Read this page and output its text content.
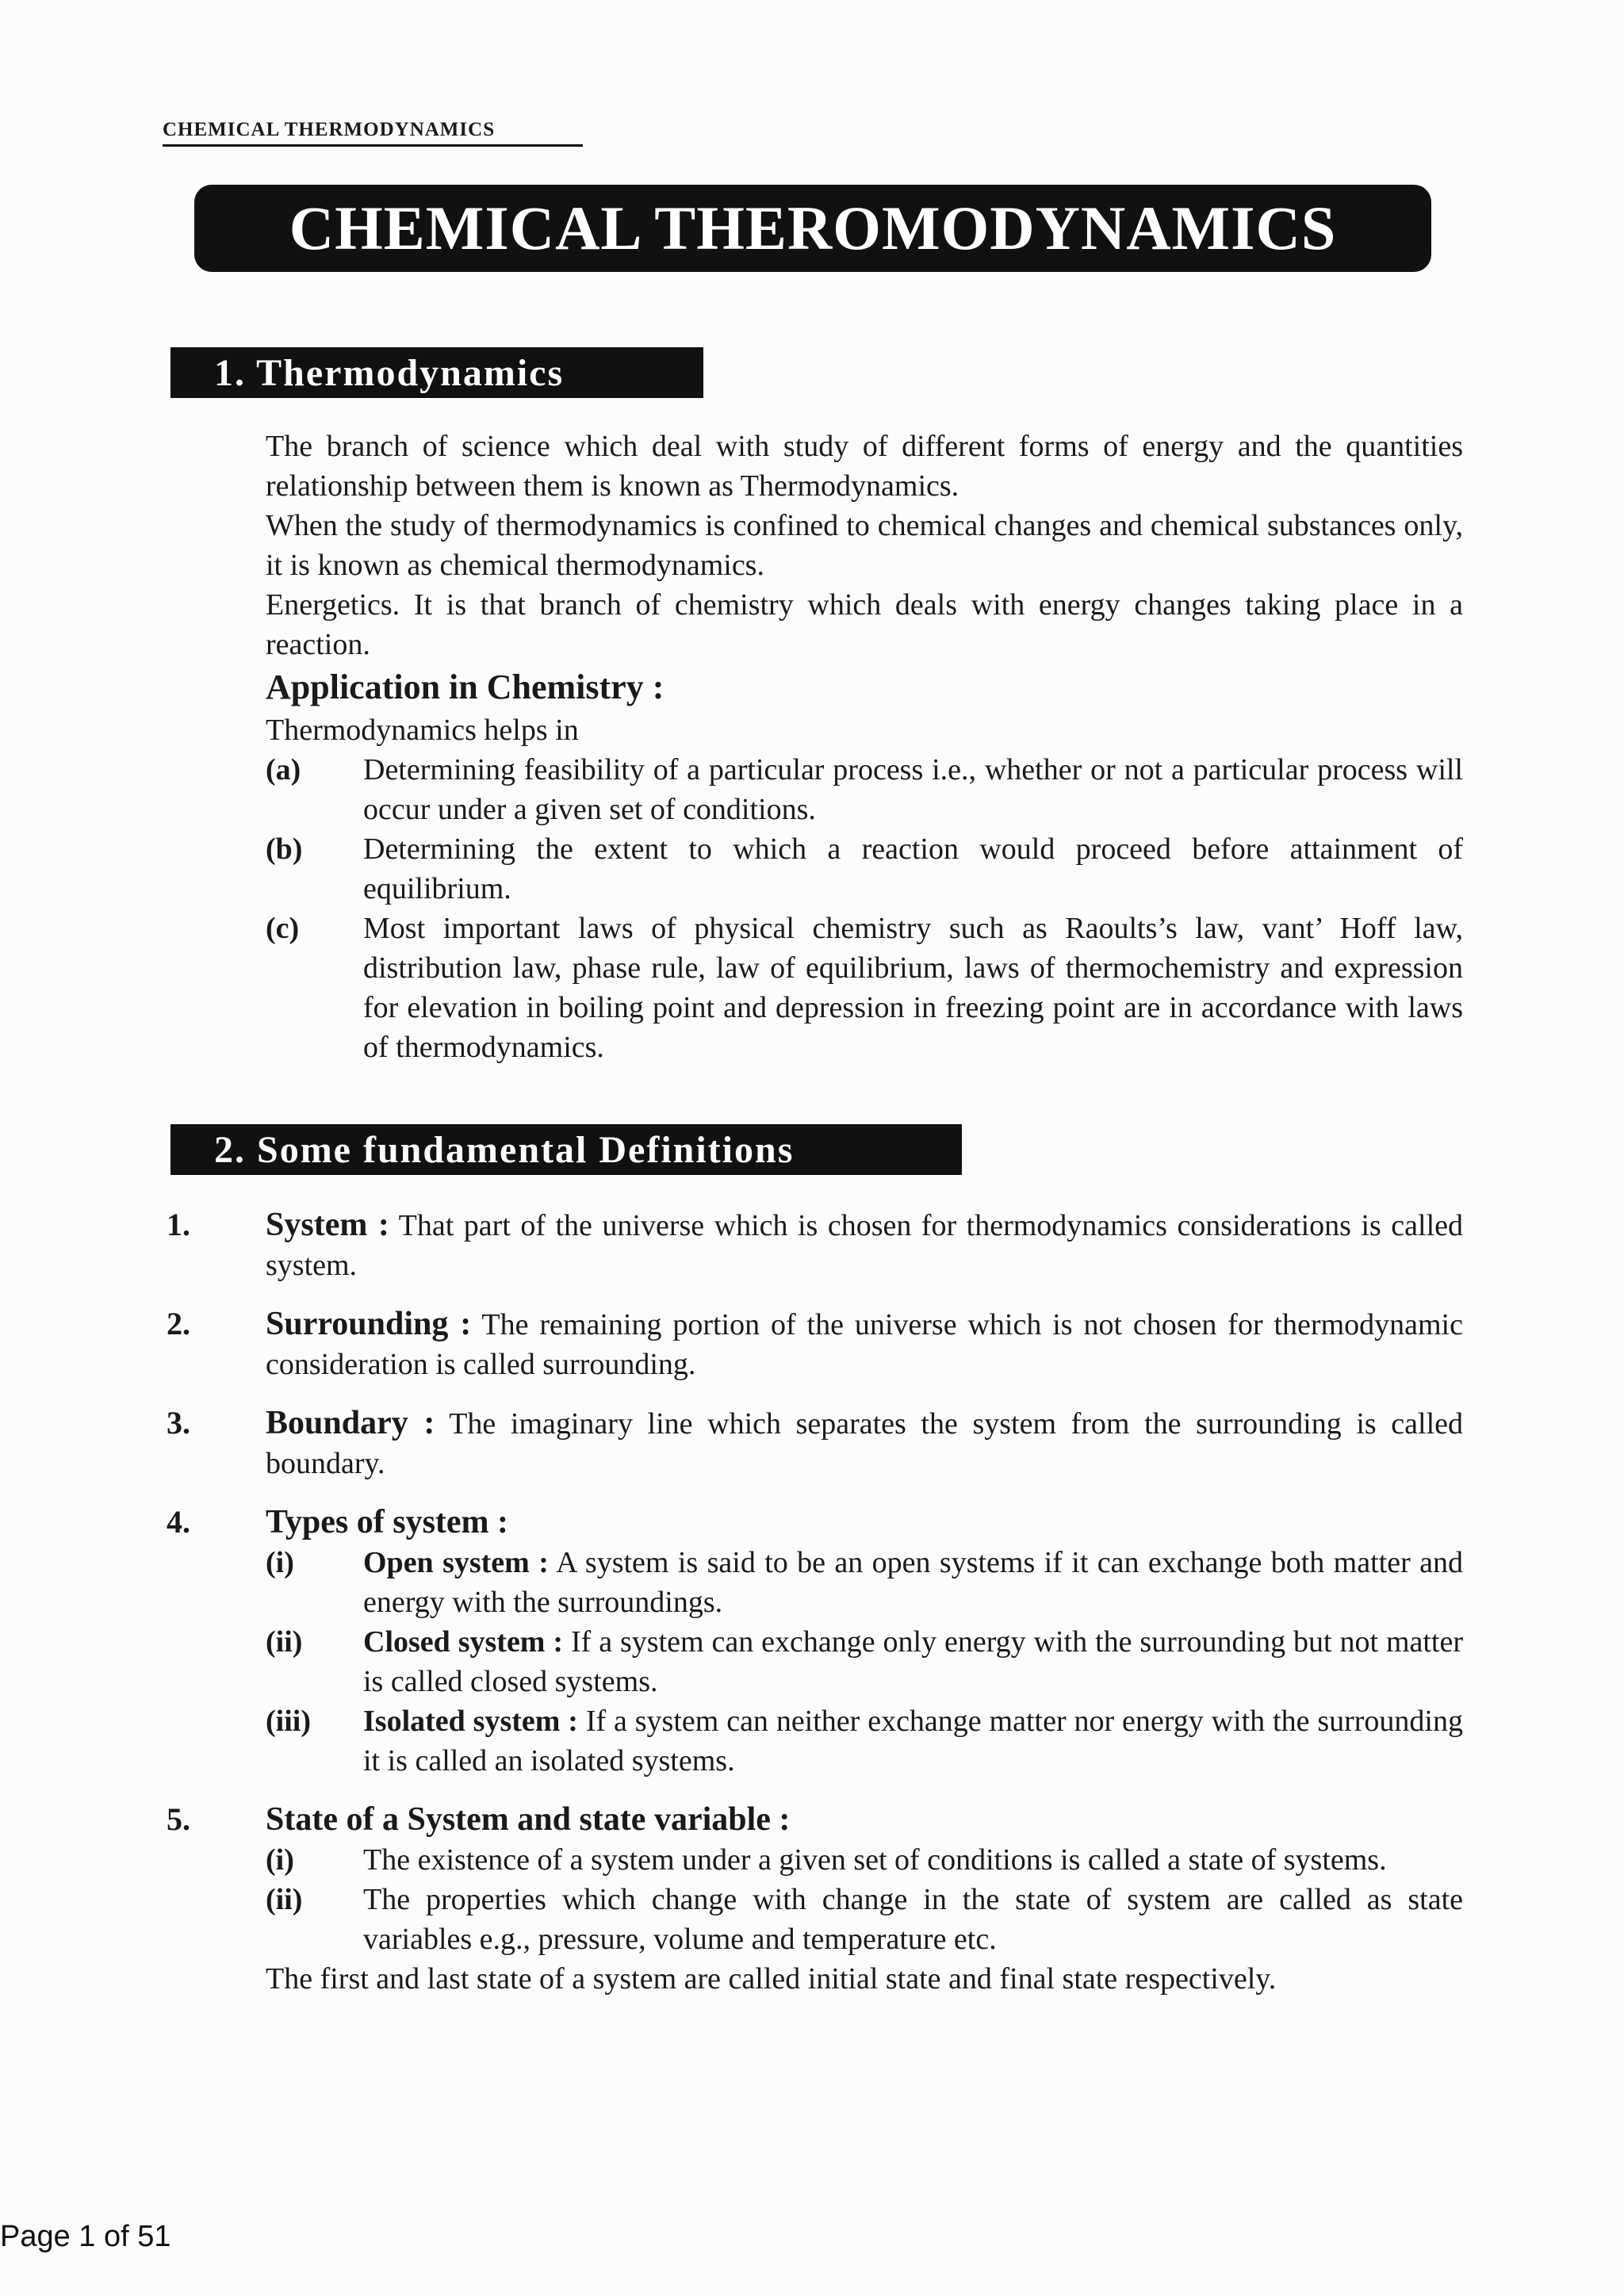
CHEMICAL THERMODYNAMICS
CHEMICAL THEROMODYNAMICS
1. Thermodynamics

The branch of science which deal with study of different forms of energy and the quantities relationship between them is known as Thermodynamics.

When the study of thermodynamics is confined to chemical changes and chemical substances only, it is known as chemical thermodynamics.

Energetics. It is that branch of chemistry which deals with energy changes taking place in a reaction.

Application in Chemistry :

Thermodynamics helps in

(a)	Determining feasibility of a particular process i.e., whether or not a particular process will occur under a given set of conditions.
(b)	Determining the extent to which a reaction would proceed before attainment of equilibrium.
(c)	Most important laws of physical chemistry such as Raoults’s law, vant’ Hoff law, distribution law, phase rule, law of equilibrium, laws of thermochemistry and expression for elevation in boiling point and depression in freezing point are in accordance with laws of thermodynamics.
2. Some fundamental Definitions
1.	System : That part of the universe which is chosen for thermodynamics considerations is called system.

2.	Surrounding : The remaining portion of the universe which is not chosen for thermodynamic consideration is called surrounding.

3.	Boundary : The imaginary line which separates the system from the surrounding is called boundary.

4.	Types of system :

(i)	Open system : A system is said to be an open systems if it can exchange both matter and energy with the surroundings.
(ii)	Closed system : If a system can exchange only energy with the surrounding but not matter is called closed systems.
(iii)	Isolated system : If a system can neither exchange matter nor energy with the surrounding it is called an isolated systems.
5.	State of a System and state variable :

(i)	The existence of a system under a given set of conditions is called a state of systems.
(ii)	The properties which change with change in the state of system are called as state variables e.g., pressure, volume and temperature etc.

The first and last state of a system are called initial state and final state respectively.

Page 1 of 51
